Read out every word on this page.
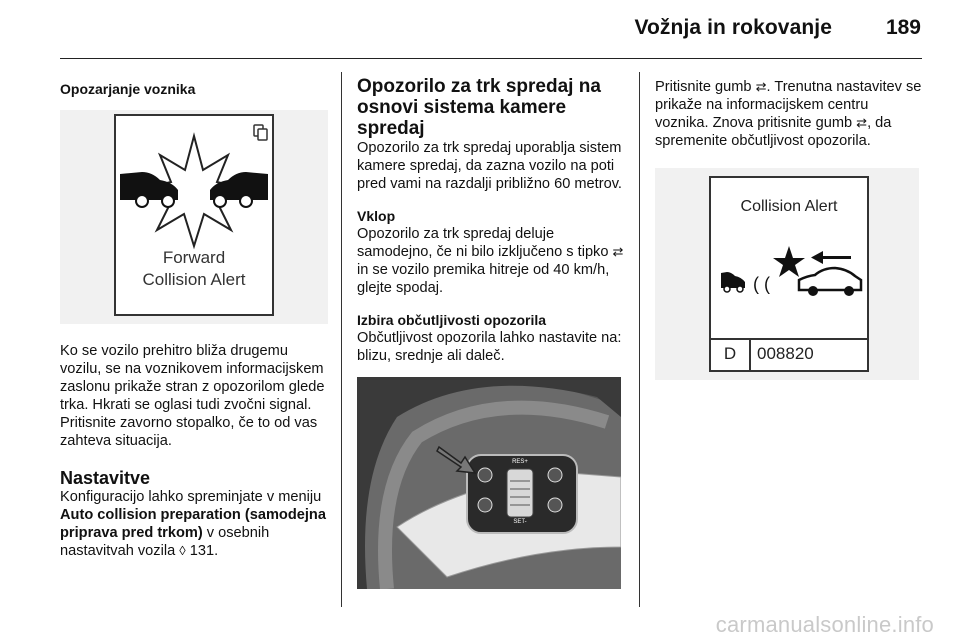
Vožnja in rokovanje	189

Opozarjanje voznika

Forward
Collision Alert

Ko se vozilo prehitro bliža drugemu vozilu, se na voznikovem informacijskem zaslonu prikaže stran z opozorilom glede trka. Hkrati se oglasi tudi zvočni signal. Pritisnite zavorno stopalko, če to od vas zahteva situacija.

Nastavitve

Konfiguracijo lahko spreminjate v meniju Auto collision preparation (samodejna priprava pred trkom) v osebnih nastavitvah vozila ◊ 131.

Opozorilo za trk spredaj na osnovi sistema kamere spredaj

Opozorilo za trk spredaj uporablja sistem kamere spredaj, da zazna vozilo na poti pred vami na razdalji približno 60 metrov.

Vklop

Opozorilo za trk spredaj deluje samodejno, če ni bilo izključeno s tipko ⇄ in se vozilo premika hitreje od 40 km/h, glejte spodaj.

Izbira občutljivosti opozorila

Občutljivost opozorila lahko nastavite na: blizu, srednje ali daleč.

RES+
SET-

Pritisnite gumb ⇄. Trenutna nastavitev se prikaže na informacijskem centru voznika. Znova pritisnite gumb ⇄, da spremenite občutljivost opozorila.

Collision Alert
( (
D	008820
carmanualsonline.info
